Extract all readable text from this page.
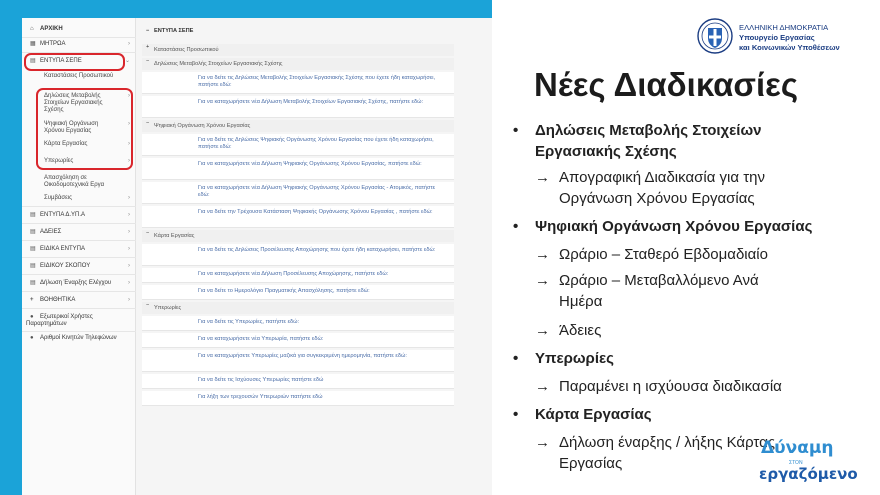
⌂ ΑΡΧΙΚΗ
▦ ΜΗΤΡΩΑ	›
▤ ΕΝΤΥΠΑ ΣΕΠΕ	⌄
Καταστάσεις Προσωπικού
Δηλώσεις Μεταβολής Στοιχείων Εργασιακής Σχέσης
›
Ψηφιακή Οργάνωση Χρόνου Εργασίας
›
Κάρτα Εργασίας	›
Υπερωρίες	›
Απασχόληση σε Οικοδομοτεχνικά Εργα
Συμβάσεις	›
▤ ΕΝΤΥΠΑ Δ.ΥΠ.Α	›
▤ ΑΔΕΙΕΣ	›
▤ ΕΙΔΙΚΑ ΕΝΤΥΠΑ	›
▤ ΕΙΔΙΚΟΥ ΣΚΟΠΟΥ	›
▤ Δήλωση Έναρξης Ελέγχου	›
+ ΒΟΗΘΗΤΙΚΑ	›
●	Εξωτερικοί Χρήστες Παραρτημάτων
●	Αριθμοί Κινητών Τηλεφώνων
− ΕΝΤΥΠΑ ΣΕΠΕ
+ Καταστάσεις Προσωπικού
− Δηλώσεις Μεταβολής Στοιχείων Εργασιακής Σχέσης
Για να δείτε τις Δηλώσεις Μεταβολής Στοιχείων Εργασιακής Σχέσης που έχετε ήδη καταχωρήσει, πατήστε εδώ:
Για να καταχωρήσετε νέα Δήλωση Μεταβολής Στοιχείων Εργασιακής Σχέσης, πατήστε εδώ:
− Ψηφιακή Οργάνωση Χρόνου Εργασίας
Για να δείτε τις Δηλώσεις Ψηφιακής Οργάνωσης Χρόνου Εργασίας που έχετε ήδη καταχωρήσει, πατήστε εδώ:
Για να καταχωρήσετε νέα Δήλωση Ψηφιακής Οργάνωσης Χρόνου Εργασίας, πατήστε εδώ:
Για να καταχωρήσετε νέα Δήλωση Ψηφιακής Οργάνωσης Χρόνου Εργασίας - Ατομικός, πατήστε εδώ:
Για να δείτε την Τρέχουσα Κατάσταση Ψηφιακής Οργάνωσης Χρόνου Εργασίας , πατήστε εδώ:
− Κάρτα Εργασίας
Για να δείτε τις Δηλώσεις Προσέλευσης Αποχώρησης που έχετε ήδη καταχωρήσει, πατήστε εδώ:
Για να καταχωρήσετε νέα Δήλωση Προσέλευσης Αποχώρησης, πατήστε εδώ:
Για να δείτε το Ημερολόγιο Πραγματικής Απασχόλησης, πατήστε εδώ:
− Υπερωρίες
Για να δείτε τις Υπερωρίες, πατήστε εδώ:
Για να καταχωρήσετε νέα Υπερωρία, πατήστε εδώ:
Για να καταχωρήσετε Υπερωρίες μαζικά για συγκεκριμένη ημερομηνία, πατήστε εδώ:
Για να δείτε τις Ισχύουσες Υπερωρίες πατήστε εδώ
Για λήξη των τρεχουσών Υπερωριών πατήστε εδώ
ΕΛΛΗΝΙΚΗ ΔΗΜΟΚΡΑΤΙΑ
Υπουργείο Εργασίας
και Κοινωνικών Υποθέσεων
Νέες Διαδικασίες
• Δηλώσεις Μεταβολής Στοιχείων Εργασιακής Σχέσης
→ Απογραφική Διαδικασία για την Οργάνωση Χρόνου Εργασίας
• Ψηφιακή Οργάνωση Χρόνου Εργασίας
→ Ωράριο – Σταθερό Εβδομαδιαίο
→ Ωράριο – Μεταβαλλόμενο Ανά Ημέρα
→ Άδειες
• Υπερωρίες
→ Παραμένει η ισχύουσα διαδικασία
• Κάρτα Εργασίας
→ Δήλωση έναρξης / λήξης Κάρτας Εργασίας
Δύναμη
ΣΤΟΝ
εργαζόμενο
